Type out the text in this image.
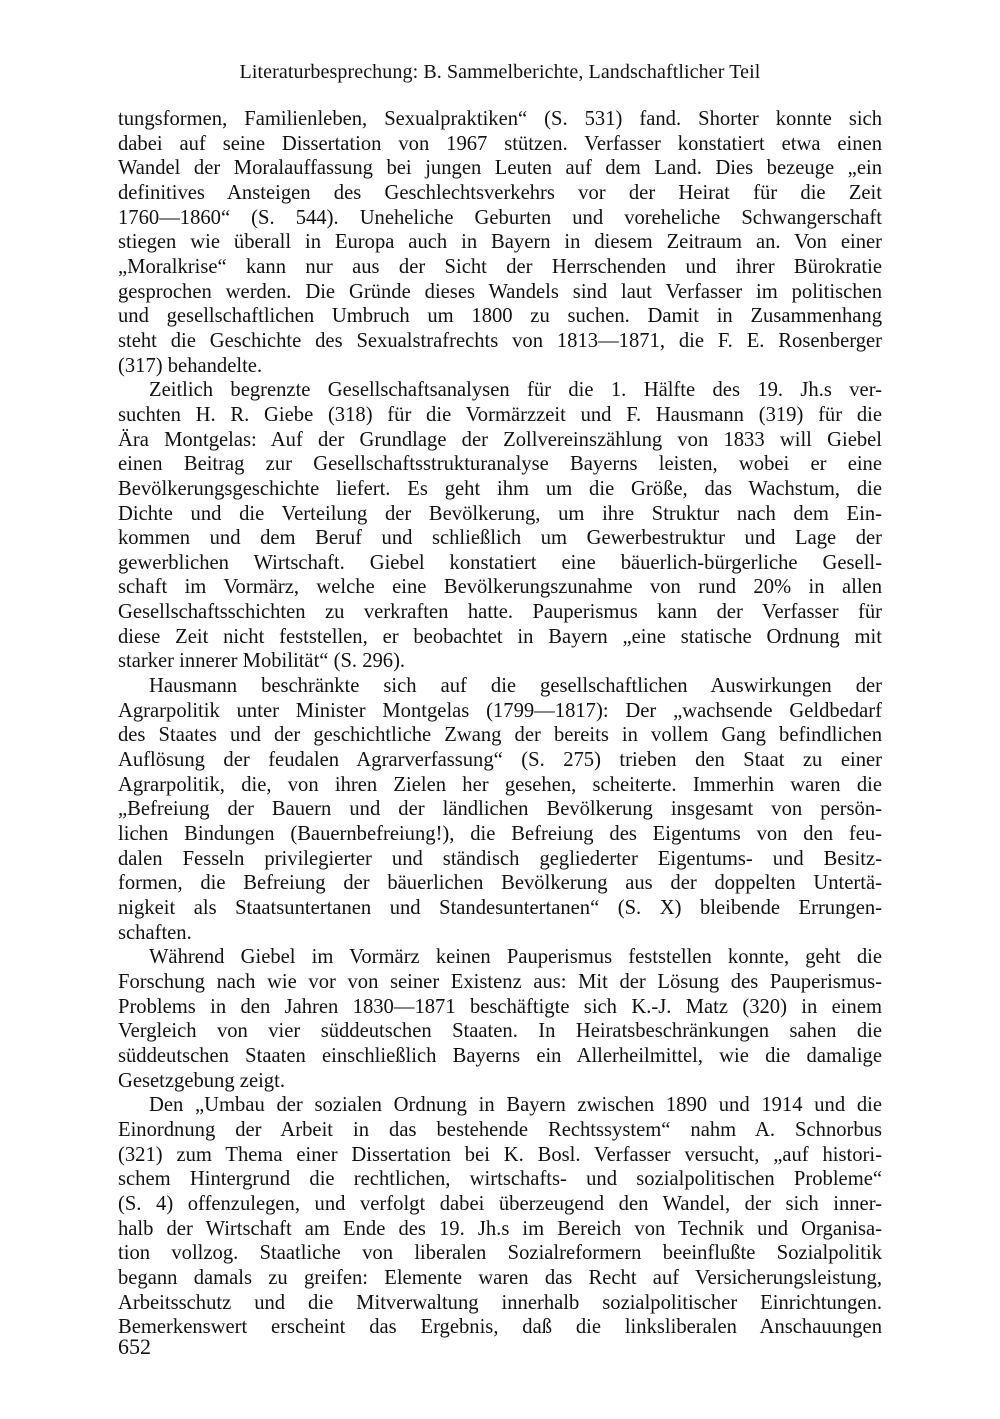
Literaturbesprechung: B. Sammelberichte, Landschaftlicher Teil
tungsformen, Familienleben, Sexualpraktiken“ (S. 531) fand. Shorter konnte sich
dabei auf seine Dissertation von 1967 stützen. Verfasser konstatiert etwa einen
Wandel der Moralauffassung bei jungen Leuten auf dem Land. Dies bezeuge „ein
definitives Ansteigen des Geschlechtsverkehrs vor der Heirat für die Zeit
1760—1860“ (S. 544). Uneheliche Geburten und voreheliche Schwangerschaft
stiegen wie überall in Europa auch in Bayern in diesem Zeitraum an. Von einer
„Moralkrise“ kann nur aus der Sicht der Herrschenden und ihrer Bürokratie
gesprochen werden. Die Gründe dieses Wandels sind laut Verfasser im politischen
und gesellschaftlichen Umbruch um 1800 zu suchen. Damit in Zusammenhang
steht die Geschichte des Sexualstrafrechts von 1813—1871, die F. E. Rosenberger
(317) behandelte.
Zeitlich begrenzte Gesellschaftsanalysen für die 1. Hälfte des 19. Jh.s ver-
suchten H. R. Giebe (318) für die Vormärzzeit und F. Hausmann (319) für die
Ära Montgelas: Auf der Grundlage der Zollvereinszählung von 1833 will Giebel
einen Beitrag zur Gesellschaftsstrukturanalyse Bayerns leisten, wobei er eine
Bevölkerungsgeschichte liefert. Es geht ihm um die Größe, das Wachstum, die
Dichte und die Verteilung der Bevölkerung, um ihre Struktur nach dem Ein-
kommen und dem Beruf und schließlich um Gewerbestruktur und Lage der
gewerblichen Wirtschaft. Giebel konstatiert eine bäuerlich-bürgerliche Gesell-
schaft im Vormärz, welche eine Bevölkerungszunahme von rund 20% in allen
Gesellschaftsschichten zu verkraften hatte. Pauperismus kann der Verfasser für
diese Zeit nicht feststellen, er beobachtet in Bayern „eine statische Ordnung mit
starker innerer Mobilität“ (S. 296).
Hausmann beschränkte sich auf die gesellschaftlichen Auswirkungen der
Agrarpolitik unter Minister Montgelas (1799—1817): Der „wachsende Geldbedarf
des Staates und der geschichtliche Zwang der bereits in vollem Gang befindlichen
Auflösung der feudalen Agrarverfassung“ (S. 275) trieben den Staat zu einer
Agrarpolitik, die, von ihren Zielen her gesehen, scheiterte. Immerhin waren die
„Befreiung der Bauern und der ländlichen Bevölkerung insgesamt von persön-
lichen Bindungen (Bauernbefreiung!), die Befreiung des Eigentums von den feu-
dalen Fesseln privilegierter und ständisch gegliederter Eigentums- und Besitz-
formen, die Befreiung der bäuerlichen Bevölkerung aus der doppelten Untertä-
nigkeit als Staatsuntertanen und Standesuntertanen“ (S. X) bleibende Errungen-
schaften.
Während Giebel im Vormärz keinen Pauperismus feststellen konnte, geht die
Forschung nach wie vor von seiner Existenz aus: Mit der Lösung des Pauperismus-
Problems in den Jahren 1830—1871 beschäftigte sich K.-J. Matz (320) in einem
Vergleich von vier süddeutschen Staaten. In Heiratsbeschränkungen sahen die
süddeutschen Staaten einschließlich Bayerns ein Allerheilmittel, wie die damalige
Gesetzgebung zeigt.
Den „Umbau der sozialen Ordnung in Bayern zwischen 1890 und 1914 und die
Einordnung der Arbeit in das bestehende Rechtssystem“ nahm A. Schnorbus
(321) zum Thema einer Dissertation bei K. Bosl. Verfasser versucht, „auf histori-
schem Hintergrund die rechtlichen, wirtschafts- und sozialpolitischen Probleme“
(S. 4) offenzulegen, und verfolgt dabei überzeugend den Wandel, der sich inner-
halb der Wirtschaft am Ende des 19. Jh.s im Bereich von Technik und Organisa-
tion vollzog. Staatliche von liberalen Sozialreformern beeinflußte Sozialpolitik
begann damals zu greifen: Elemente waren das Recht auf Versicherungsleistung,
Arbeitsschutz und die Mitverwaltung innerhalb sozialpolitischer Einrichtungen.
Bemerkenswert erscheint das Ergebnis, daß die linksliberalen Anschauungen
652
